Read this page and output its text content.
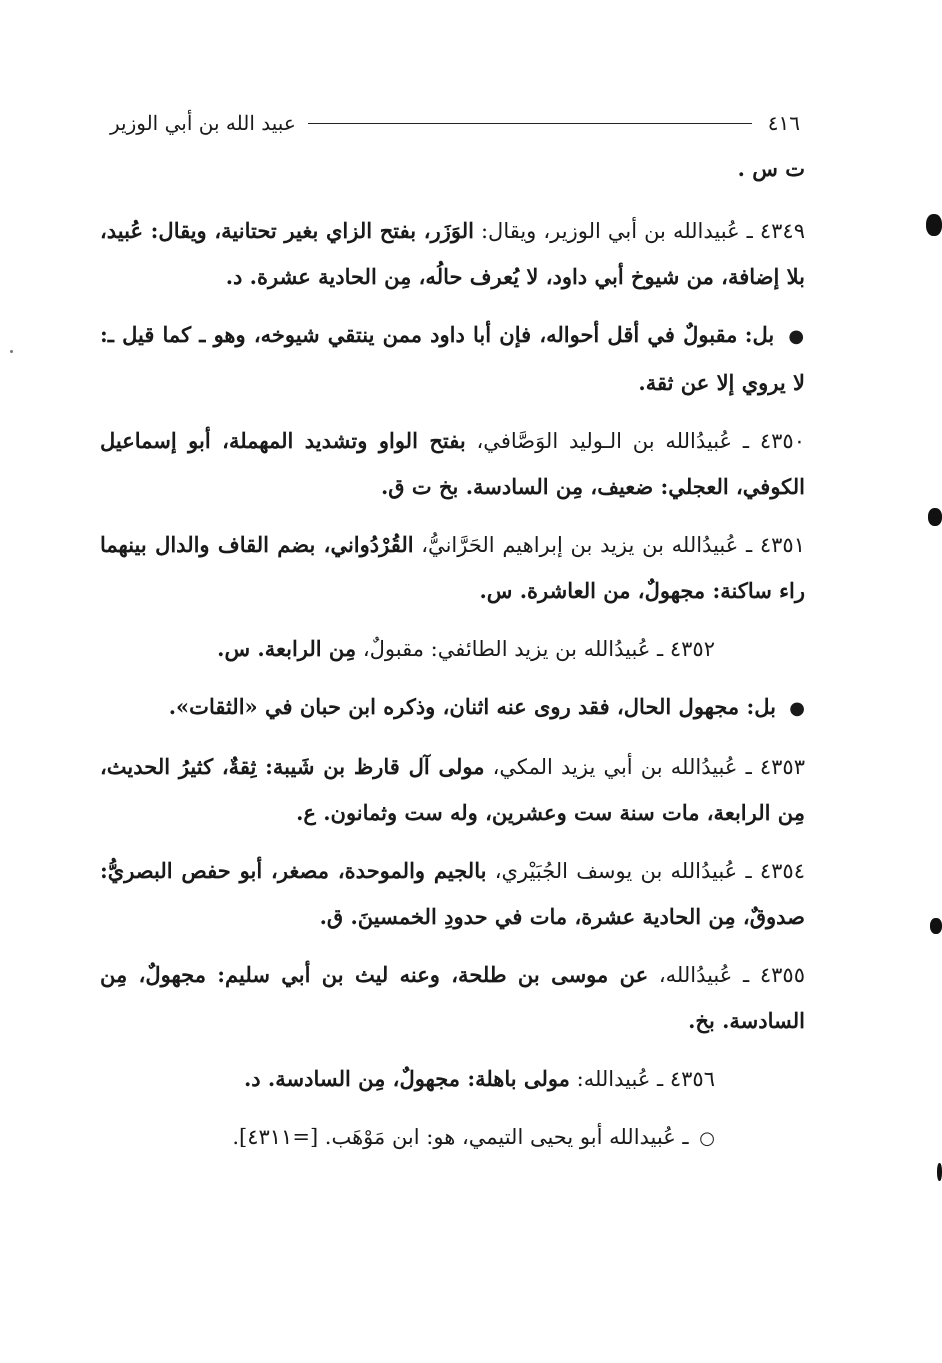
٤١٦
عبيد الله بن أبي الوزير

ت س .

٤٣٤٩ ـ عُبيدالله بن أبي الوزير، ويقال: الوَزَر، بفتح الزاي بغير تحتانية، ويقال: عُبيد، بلا إضافة، من شيوخ أبي داود، لا يُعرف حالُه، مِن الحادية عشرة. د.

● بل: مقبولٌ في أقل أحواله، فإن أبا داود ممن ينتقي شيوخه، وهو ـ كما قيل ـ: لا يروي إلا عن ثقة.

٤٣٥٠ ـ عُبيدُالله بن الـوليد الوَصَّافي، بفتح الواو وتشديد المهملة، أبو إسماعيل الكوفي، العجلي: ضعيف، مِن السادسة. بخ ت ق.

٤٣٥١ ـ عُبيدُالله بن يزيد بن إبراهيم الحَرَّانيُّ، القُرْدُواني، بضم القاف والدال بينهما راء ساكنة: مجهولٌ، من العاشرة. س.

٤٣٥٢ ـ عُبيدُالله بن يزيد الطائفي: مقبولٌ، مِن الرابعة. س.

● بل: مجهول الحال، فقد روى عنه اثنان، وذكره ابن حبان في «الثقات».

٤٣٥٣ ـ عُبيدُالله بن أبي يزيد المكي، مولى آل قارظ بن شَيبة: ثِقةٌ، كثيرُ الحديث، مِن الرابعة، مات سنة ست وعشرين، وله ست وثمانون. ع.

٤٣٥٤ ـ عُبيدُالله بن يوسف الجُبَيْري، بالجيم والموحدة، مصغر، أبو حفص البصريُّ: صدوقٌ، مِن الحادية عشرة، مات في حدودِ الخمسينَ. ق.

٤٣٥٥ ـ عُبيدُالله، عن موسى بن طلحة، وعنه ليث بن أبي سليم: مجهولٌ، مِن السادسة. بخ.

٤٣٥٦ ـ عُبيدالله: مولى باهلة: مجهولٌ، مِن السادسة. د.

○ ـ عُبيدالله أبو يحيى التيمي، هو: ابن مَوْهَب. [=٤٣١١].
